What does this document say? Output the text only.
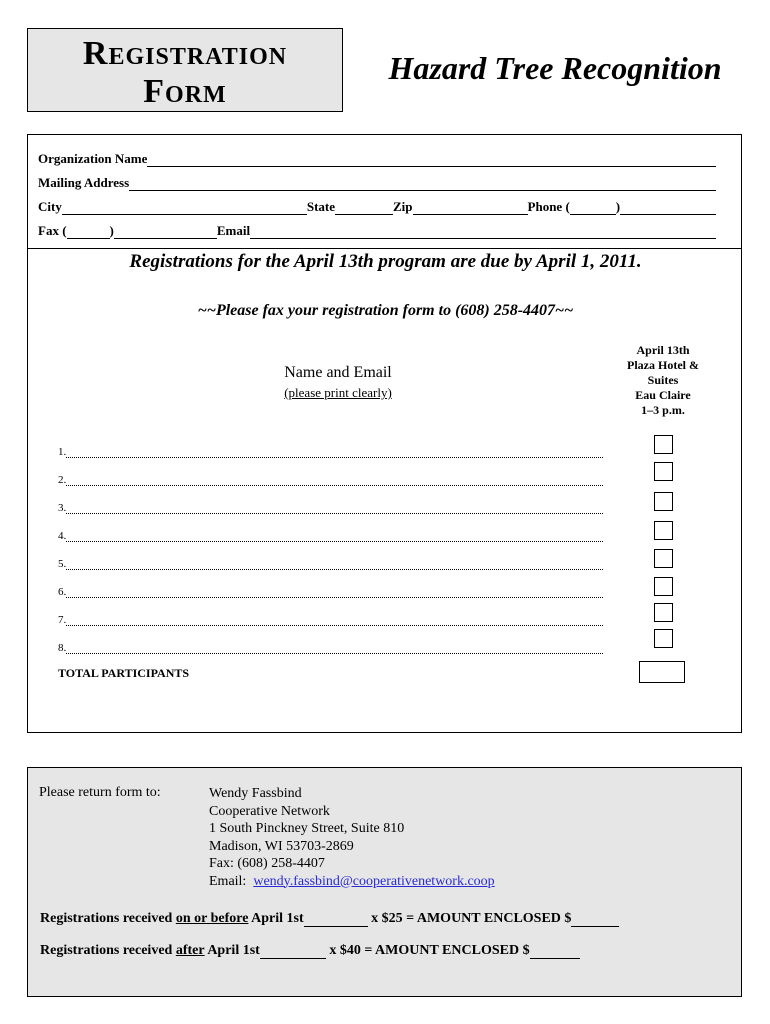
Registration
Form
Hazard Tree Recognition
Organization Name
Mailing Address
City	State	Zip	Phone (	)
Fax (	)	Email
Registrations for the April 13th program are due by April 1, 2011.
~~Please fax your registration form to (608) 258-4407~~
Name and Email
(please print clearly)
April 13th
Plaza Hotel &
Suites
Eau Claire
1–3 p.m.
1.
2.
3.
4.
5.
6.
7.
8.
TOTAL PARTICIPANTS
Please return form to:	Wendy Fassbind
Cooperative Network
1 South Pinckney Street, Suite 810
Madison, WI 53703-2869
Fax: (608) 258-4407
Email: wendy.fassbind@cooperativenetwork.coop
Registrations received on or before April 1st	x $25 = AMOUNT ENCLOSED $
Registrations received after April 1st	x $40 = AMOUNT ENCLOSED $
